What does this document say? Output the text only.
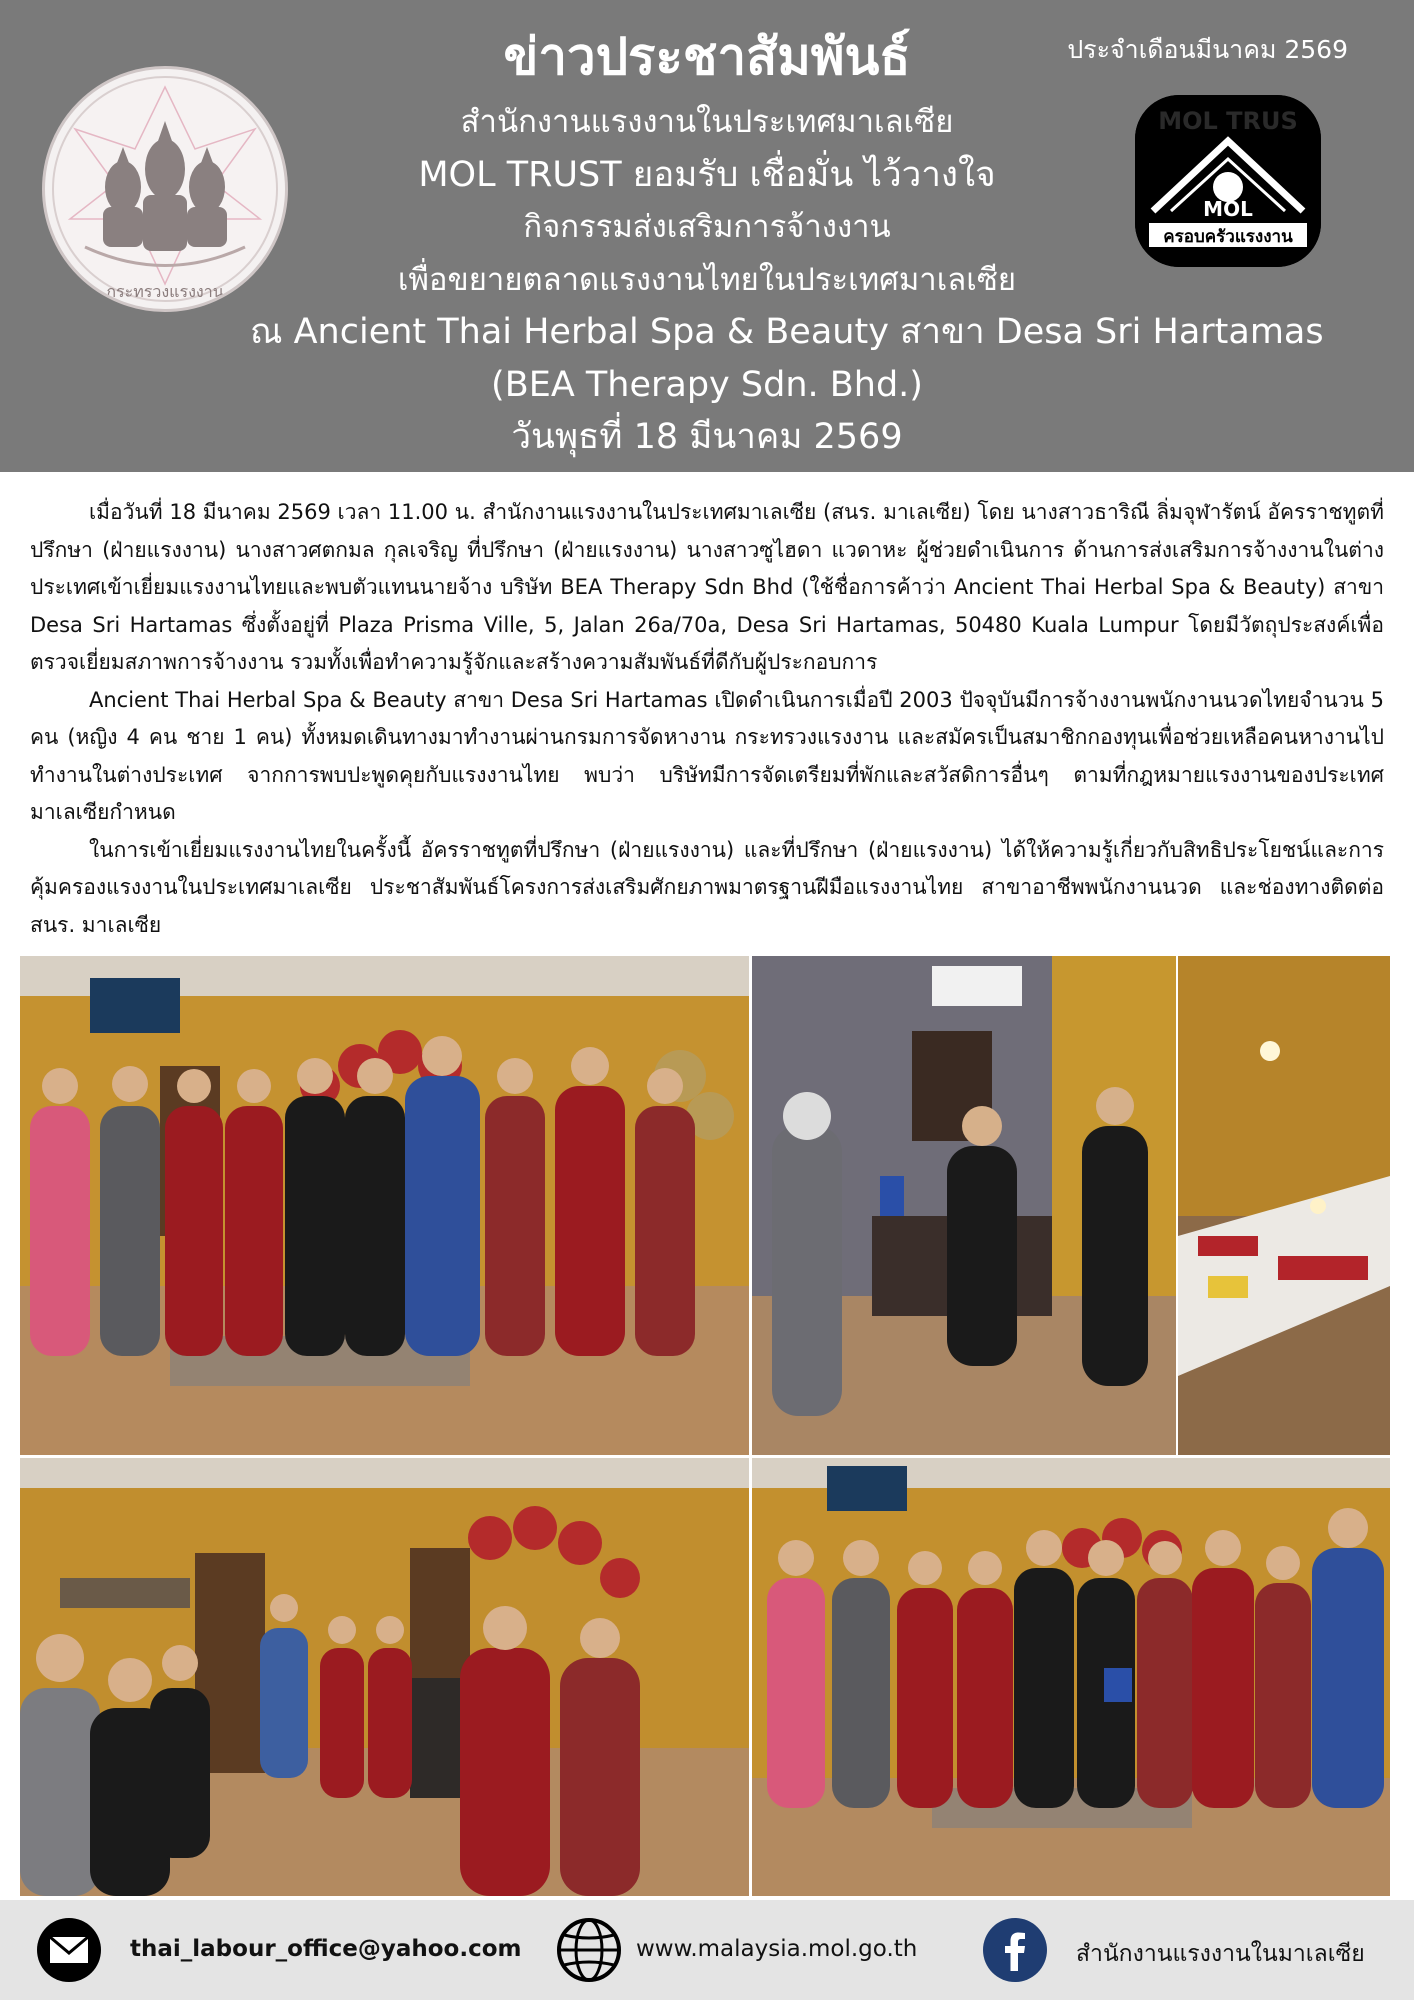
กระทรวงแรงงาน
ประจำเดือนมีนาคม 2569
ข่าวประชาสัมพันธ์
สำนักงานแรงงานในประเทศมาเลเซีย
MOL TRUST ยอมรับ เชื่อมั่น ไว้วางใจ
กิจกรรมส่งเสริมการจ้างงาน
เพื่อขยายตลาดแรงงานไทยในประเทศมาเลเซีย
ณ Ancient Thai Herbal Spa & Beauty สาขา Desa Sri Hartamas
(BEA Therapy Sdn. Bhd.)
วันพุธที่ 18 มีนาคม 2569
MOL TRUS
MOL
ครอบครัวแรงงาน

เมื่อวันที่ 18 มีนาคม 2569 เวลา 11.00 น. สำนักงานแรงงานในประเทศมาเลเซีย (สนร. มาเลเซีย) โดย นางสาวธาริณี ลิ่มจุฬารัตน์ อัครราชทูตที่ปรึกษา (ฝ่ายแรงงาน) นางสาวศตกมล กุลเจริญ ที่ปรึกษา (ฝ่ายแรงงาน) นางสาวซูไฮดา แวดาหะ ผู้ช่วยดำเนินการ ด้านการส่งเสริมการจ้างงานในต่างประเทศเข้าเยี่ยมแรงงานไทยและพบตัวแทนนายจ้าง บริษัท BEA Therapy Sdn Bhd (ใช้ชื่อการค้าว่า Ancient Thai Herbal Spa & Beauty) สาขา Desa Sri Hartamas ซึ่งตั้งอยู่ที่ Plaza Prisma Ville, 5, Jalan 26a/70a, Desa Sri Hartamas, 50480 Kuala Lumpur โดยมีวัตถุประสงค์เพื่อตรวจเยี่ยมสภาพการจ้างงาน รวมทั้งเพื่อทำความรู้จักและสร้างความสัมพันธ์ที่ดีกับผู้ประกอบการ

Ancient Thai Herbal Spa & Beauty สาขา Desa Sri Hartamas เปิดดำเนินการเมื่อปี 2003 ปัจจุบันมีการจ้างงานพนักงานนวดไทยจำนวน 5 คน (หญิง 4 คน ชาย 1 คน) ทั้งหมดเดินทางมาทำงานผ่านกรมการจัดหางาน กระทรวงแรงงาน และสมัครเป็นสมาชิกกองทุนเพื่อช่วยเหลือคนหางานไปทำงานในต่างประเทศ จากการพบปะพูดคุยกับแรงงานไทย พบว่า บริษัทมีการจัดเตรียมที่พักและสวัสดิการอื่นๆ ตามที่กฎหมายแรงงานของประเทศมาเลเซียกำหนด

ในการเข้าเยี่ยมแรงงานไทยในครั้งนี้ อัครราชทูตที่ปรึกษา (ฝ่ายแรงงาน) และที่ปรึกษา (ฝ่ายแรงงาน) ได้ให้ความรู้เกี่ยวกับสิทธิประโยชน์และการคุ้มครองแรงงานในประเทศมาเลเซีย ประชาสัมพันธ์โครงการส่งเสริมศักยภาพมาตรฐานฝีมือแรงงานไทย สาขาอาชีพพนักงานนวด และช่องทางติดต่อ สนร. มาเลเซีย

thai_labour_office@yahoo.com	www.malaysia.mol.go.th	สำนักงานแรงงานในมาเลเซีย
